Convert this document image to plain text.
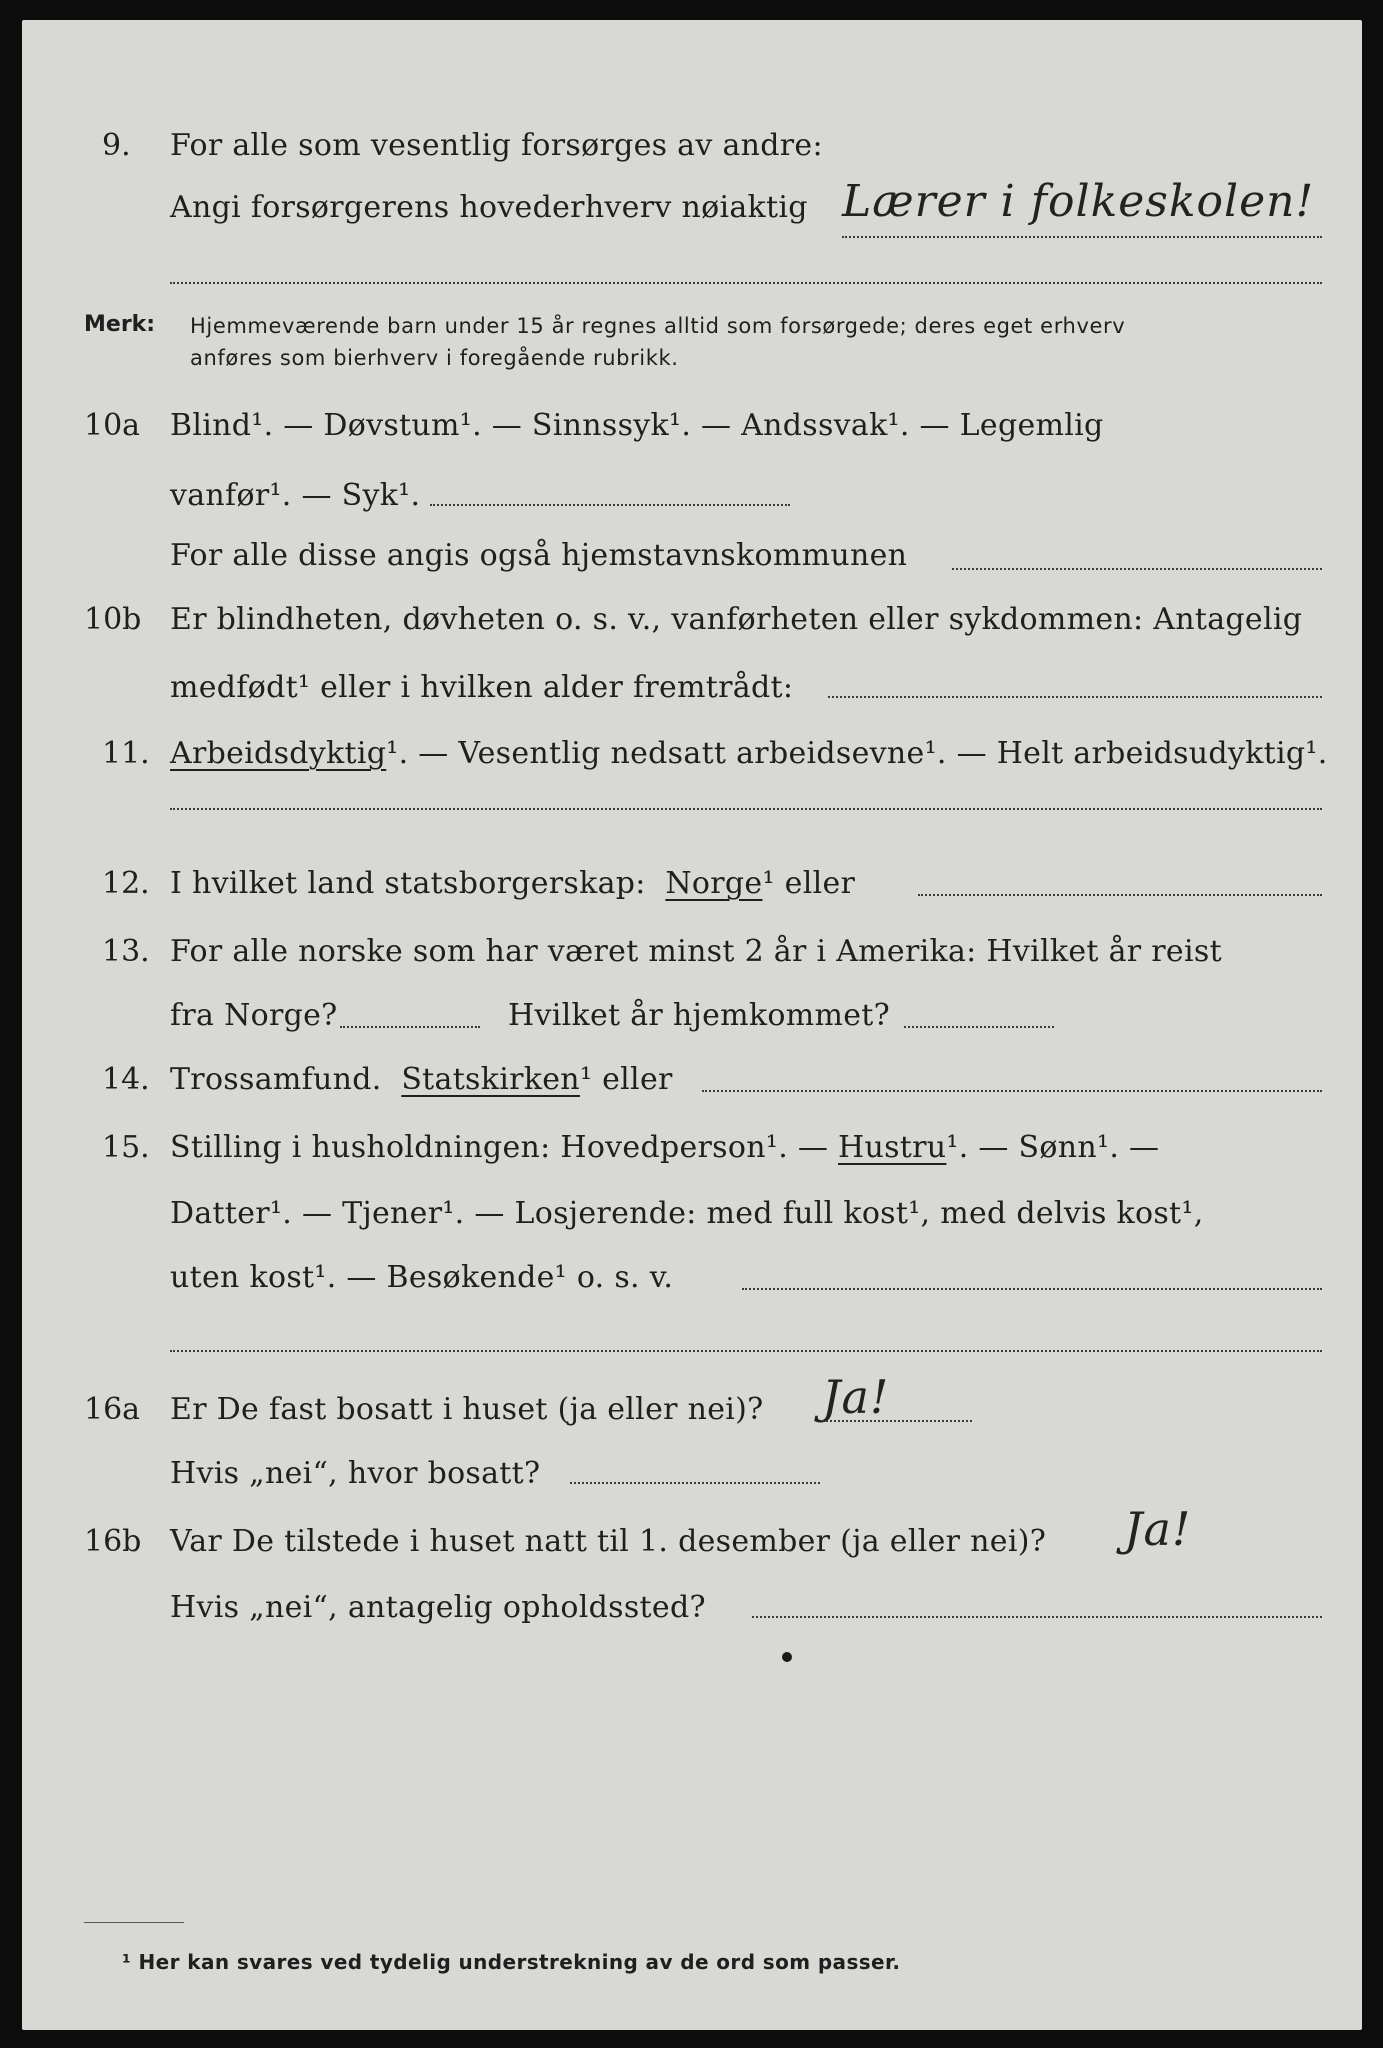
9. For alle som vesentlig forsørges av andre:
Angi forsørgerens hovederhverv nøiaktig Lærer i folkeskolen!
Merk: Hjemmeværende barn under 15 år regnes alltid som forsørgede; deres eget erhverv
anføres som bierhverv i foregående rubrikk.
10a Blind¹. — Døvstum¹. — Sinnssyk¹. — Andssvak¹. — Legemlig
vanfør¹. — Syk¹.
For alle disse angis også hjemstavnskommunen
10b Er blindheten, døvheten o. s. v., vanførheten eller sykdommen: Antagelig
medfødt¹ eller i hvilken alder fremtrådt:
11. Arbeidsdyktig¹. — Vesentlig nedsatt arbeidsevne¹. — Helt arbeidsudyktig¹.
12. I hvilket land statsborgerskap: Norge¹ eller
13. For alle norske som har været minst 2 år i Amerika: Hvilket år reist
fra Norge?	Hvilket år hjemkommet?
14. Trossamfund. Statskirken¹ eller
15. Stilling i husholdningen: Hovedperson¹. — Hustru¹. — Sønn¹. —
Datter¹. — Tjener¹. — Losjerende: med full kost¹, med delvis kost¹,
uten kost¹. — Besøkende¹ o. s. v.
16a Er De fast bosatt i huset (ja eller nei)? Ja!
Hvis „nei“, hvor bosatt?
16b Var De tilstede i huset natt til 1. desember (ja eller nei)? Ja!
Hvis „nei“, antagelig opholdssted?
¹ Her kan svares ved tydelig understrekning av de ord som passer.
